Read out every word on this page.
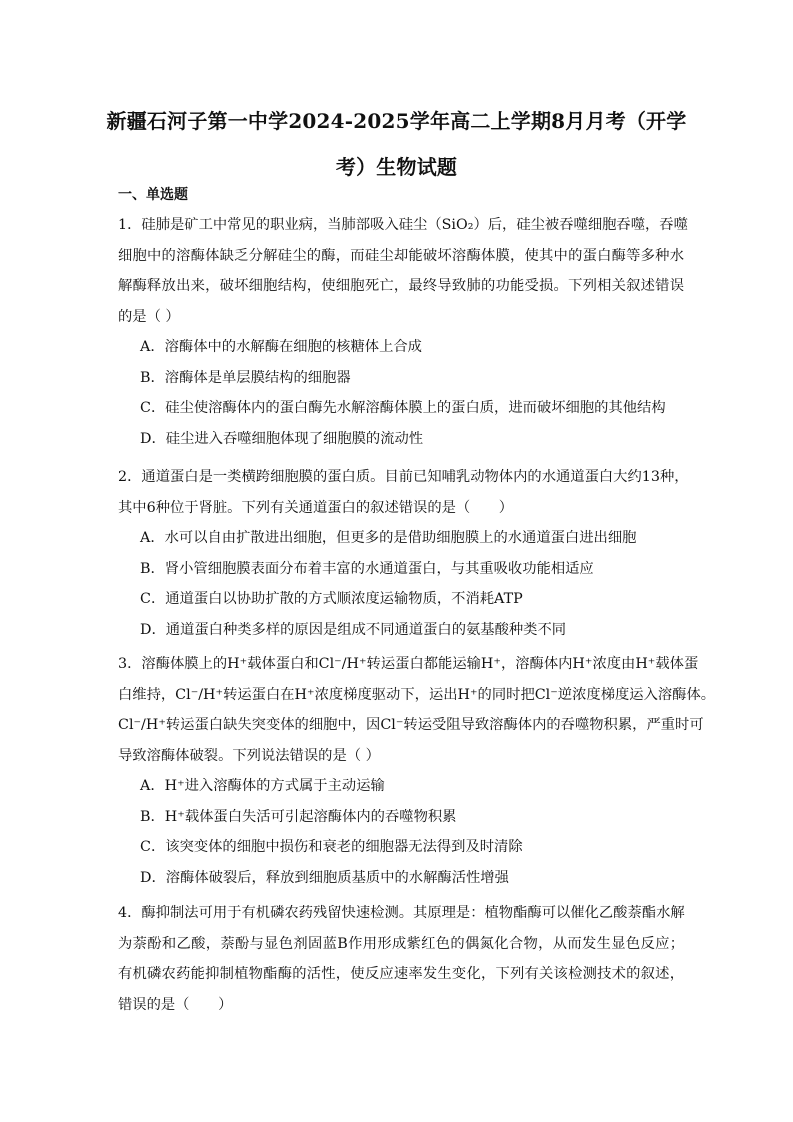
新疆石河子第一中学2024-2025学年高二上学期8月月考（开学
考）生物试题
一、单选题
1．硅肺是矿工中常见的职业病，当肺部吸入硅尘（SiO₂）后，硅尘被吞噬细胞吞噬，吞噬
细胞中的溶酶体缺乏分解硅尘的酶，而硅尘却能破坏溶酶体膜，使其中的蛋白酶等多种水
解酶释放出来，破坏细胞结构，使细胞死亡，最终导致肺的功能受损。下列相关叙述错误
的是（ ）
A．溶酶体中的水解酶在细胞的核糖体上合成
B．溶酶体是单层膜结构的细胞器
C．硅尘使溶酶体内的蛋白酶先水解溶酶体膜上的蛋白质，进而破坏细胞的其他结构
D．硅尘进入吞噬细胞体现了细胞膜的流动性
2．通道蛋白是一类横跨细胞膜的蛋白质。目前已知哺乳动物体内的水通道蛋白大约13种，
其中6种位于肾脏。下列有关通道蛋白的叙述错误的是（　　）
A．水可以自由扩散进出细胞，但更多的是借助细胞膜上的水通道蛋白进出细胞
B．肾小管细胞膜表面分布着丰富的水通道蛋白，与其重吸收功能相适应
C．通道蛋白以协助扩散的方式顺浓度运输物质，不消耗ATP
D．通道蛋白种类多样的原因是组成不同通道蛋白的氨基酸种类不同
3．溶酶体膜上的H⁺载体蛋白和Cl⁻/H⁺转运蛋白都能运输H⁺，溶酶体内H⁺浓度由H⁺载体蛋
白维持，Cl⁻/H⁺转运蛋白在H⁺浓度梯度驱动下，运出H⁺的同时把Cl⁻逆浓度梯度运入溶酶体。
Cl⁻/H⁺转运蛋白缺失突变体的细胞中，因Cl⁻转运受阻导致溶酶体内的吞噬物积累，严重时可
导致溶酶体破裂。下列说法错误的是（ ）
A．H⁺进入溶酶体的方式属于主动运输
B．H⁺载体蛋白失活可引起溶酶体内的吞噬物积累
C．该突变体的细胞中损伤和衰老的细胞器无法得到及时清除
D．溶酶体破裂后，释放到细胞质基质中的水解酶活性增强
4．酶抑制法可用于有机磷农药残留快速检测。其原理是：植物酯酶可以催化乙酸萘酯水解
为萘酚和乙酸，萘酚与显色剂固蓝B作用形成紫红色的偶氮化合物，从而发生显色反应；
有机磷农药能抑制植物酯酶的活性，使反应速率发生变化，下列有关该检测技术的叙述，
错误的是（　　）
